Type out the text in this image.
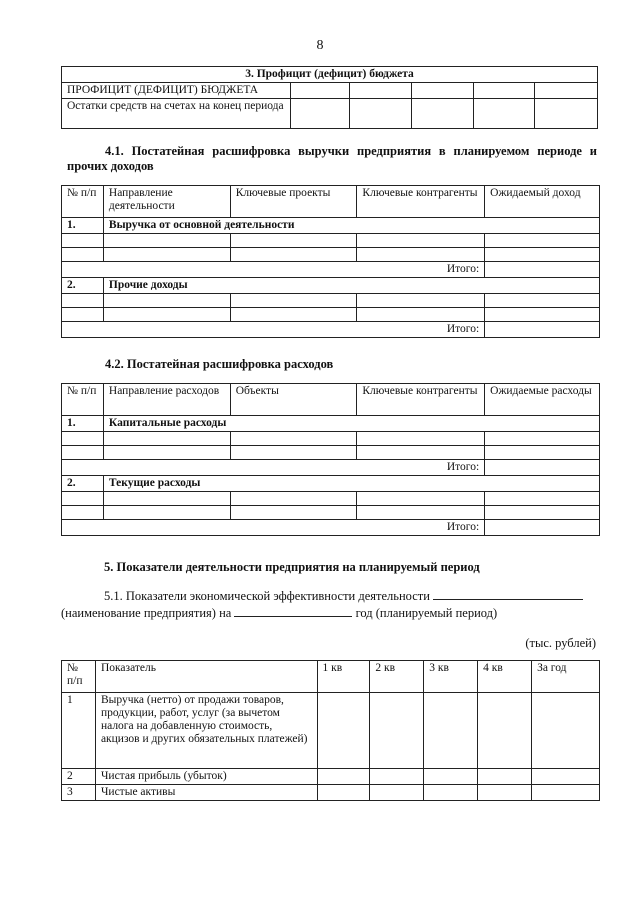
8
3. Профицит (дефицит) бюджета					
ПРОФИЦИТ (ДЕФИЦИТ) БЮДЖЕТА					
Остатки средств на счетах на конец периода					
4.1. Постатейная расшифровка выручки предприятия в планируемом периоде и прочих доходов
№ п/п	Направление деятельности	Ключевые проекты	Ключевые контрагенты	Ожидаемый доход
1.	Выручка от основной деятельности			

Итого:				
2.	Прочие доходы			

Итого:				
4.2. Постатейная расшифровка расходов
№ п/п	Направление расходов	Объекты	Ключевые контрагенты	Ожидаемые расходы
1.	Капитальные расходы			

Итого:				
2.	Текущие расходы			

Итого:				
5. Показатели деятельности предприятия на планируемый период
5.1. Показатели экономической эффективности деятельности
(наименование предприятия) на	год (планируемый период)
(тыс. рублей)
№ п/п	Показатель	1 кв	2 кв	3 кв	4 кв	За год
1	Выручка (нетто) от продажи товаров, продукции, работ, услуг (за вычетом налога на добавленную стоимость, акцизов и других обязательных платежей)					
2	Чистая прибыль (убыток)					
3	Чистые активы					
